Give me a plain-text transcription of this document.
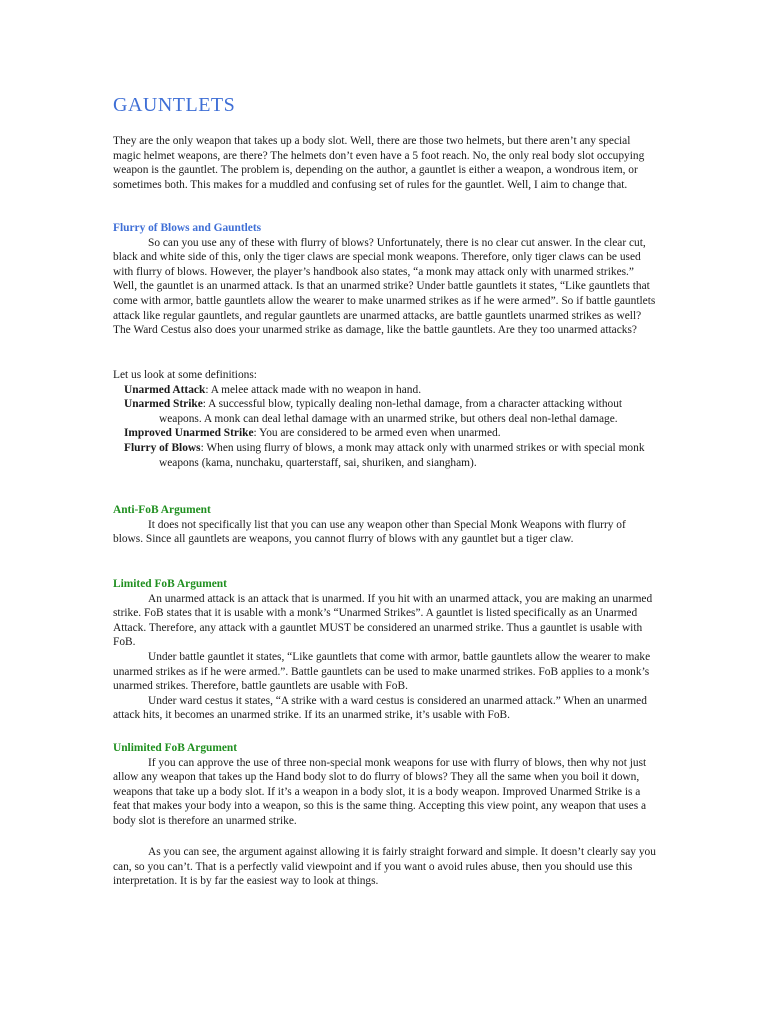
GAUNTLETS

They are the only weapon that takes up a body slot. Well, there are those two helmets, but there aren’t any special magic helmet weapons, are there? The helmets don’t even have a 5 foot reach. No, the only real body slot occupying weapon is the gauntlet. The problem is, depending on the author, a gauntlet is either a weapon, a wondrous item, or sometimes both. This makes for a muddled and confusing set of rules for the gauntlet. Well, I aim to change that.

Flurry of Blows and Gauntlets

So can you use any of these with flurry of blows? Unfortunately, there is no clear cut answer. In the clear cut, black and white side of this, only the tiger claws are special monk weapons. Therefore, only tiger claws can be used with flurry of blows. However, the player’s handbook also states, “a monk may attack only with unarmed strikes.” Well, the gauntlet is an unarmed attack. Is that an unarmed strike? Under battle gauntlets it states, “Like gauntlets that come with armor, battle gauntlets allow the wearer to make unarmed strikes as if he were armed”. So if battle gauntlets attack like regular gauntlets, and regular gauntlets are unarmed attacks, are battle gauntlets unarmed strikes as well? The Ward Cestus also does your unarmed strike as damage, like the battle gauntlets. Are they too unarmed attacks?

Let us look at some definitions:

Unarmed Attack: A melee attack made with no weapon in hand.

Unarmed Strike: A successful blow, typically dealing non-lethal damage, from a character attacking without weapons. A monk can deal lethal damage with an unarmed strike, but others deal non-lethal damage.

Improved Unarmed Strike: You are considered to be armed even when unarmed.

Flurry of Blows: When using flurry of blows, a monk may attack only with unarmed strikes or with special monk weapons (kama, nunchaku, quarterstaff, sai, shuriken, and siangham).

Anti-FoB Argument

It does not specifically list that you can use any weapon other than Special Monk Weapons with flurry of blows. Since all gauntlets are weapons, you cannot flurry of blows with any gauntlet but a tiger claw.

Limited FoB Argument

An unarmed attack is an attack that is unarmed. If you hit with an unarmed attack, you are making an unarmed strike. FoB states that it is usable with a monk’s “Unarmed Strikes”. A gauntlet is listed specifically as an Unarmed Attack. Therefore, any attack with a gauntlet MUST be considered an unarmed strike. Thus a gauntlet is usable with FoB.

Under battle gauntlet it states, “Like gauntlets that come with armor, battle gauntlets allow the wearer to make unarmed strikes as if he were armed.”. Battle gauntlets can be used to make unarmed strikes. FoB applies to a monk’s unarmed strikes. Therefore, battle gauntlets are usable with FoB.

Under ward cestus it states, “A strike with a ward cestus is considered an unarmed attack.” When an unarmed attack hits, it becomes an unarmed strike. If its an unarmed strike, it’s usable with FoB.

Unlimited FoB Argument

If you can approve the use of three non-special monk weapons for use with flurry of blows, then why not just allow any weapon that takes up the Hand body slot to do flurry of blows? They all the same when you boil it down, weapons that take up a body slot. If it’s a weapon in a body slot, it is a body weapon. Improved Unarmed Strike is a feat that makes your body into a weapon, so this is the same thing. Accepting this view point, any weapon that uses a body slot is therefore an unarmed strike.

As you can see, the argument against allowing it is fairly straight forward and simple. It doesn’t clearly say you can, so you can’t. That is a perfectly valid viewpoint and if you want o avoid rules abuse, then you should use this interpretation. It is by far the easiest way to look at things.
